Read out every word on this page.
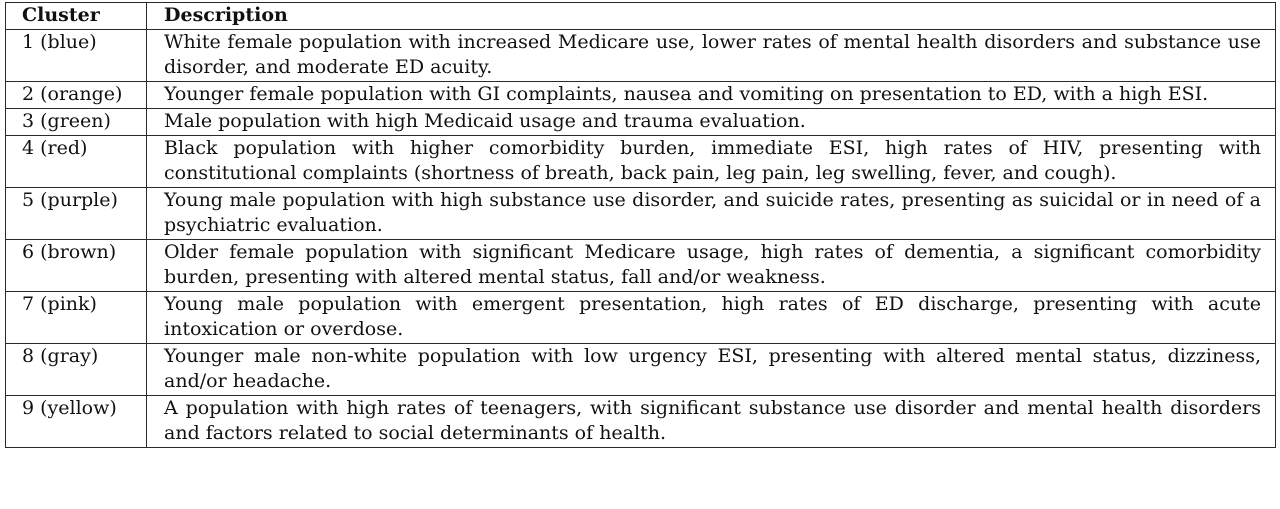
Cluster	Description
1 (blue)	White female population with increased Medicare use, lower rates of mental health disorders and substance use disorder, and moderate ED acuity.
2 (orange)	Younger female population with GI complaints, nausea and vomiting on presentation to ED, with a high ESI.
3 (green)	Male population with high Medicaid usage and trauma evaluation.
4 (red)	Black population with higher comorbidity burden, immediate ESI, high rates of HIV, presenting with constitutional complaints (shortness of breath, back pain, leg pain, leg swelling, fever, and cough).
5 (purple)	Young male population with high substance use disorder, and suicide rates, presenting as suicidal or in need of a psychiatric evaluation.
6 (brown)	Older female population with significant Medicare usage, high rates of dementia, a significant comorbidity burden, presenting with altered mental status, fall and/or weakness.
7 (pink)	Young male population with emergent presentation, high rates of ED discharge, presenting with acute intoxication or overdose.
8 (gray)	Younger male non-white population with low urgency ESI, presenting with altered mental status, dizziness, and/or headache.
9 (yellow)	A population with high rates of teenagers, with significant substance use disorder and mental health disorders and factors related to social determinants of health.
